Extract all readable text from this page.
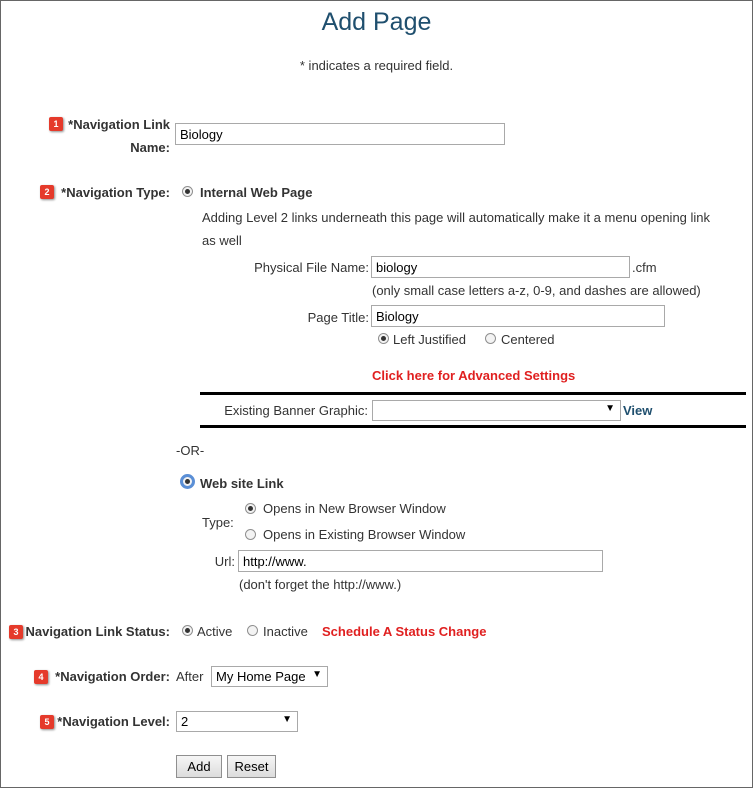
Add Page
* indicates a required field.
1 *Navigation Link
Name:
Biology
2 *Navigation Type: Internal Web Page
Adding Level 2 links underneath this page will automatically make it a menu opening link
as well
Physical File Name: biology	.cfm
(only small case letters a-z, 0-9, and dashes are allowed)
Page Title: Biology
Left Justified	Centered
Click here for Advanced Settings
Existing Banner Graphic:	▼ View
-OR-
Web site Link
Type:
Opens in New Browser Window
Opens in Existing Browser Window
Url: http://www.
(don't forget the http://www.)
3 Navigation Link Status: Active Inactive Schedule A Status Change
4 *Navigation Order: After My Home Page ▼
5 *Navigation Level: 2	▼
Add	Reset
